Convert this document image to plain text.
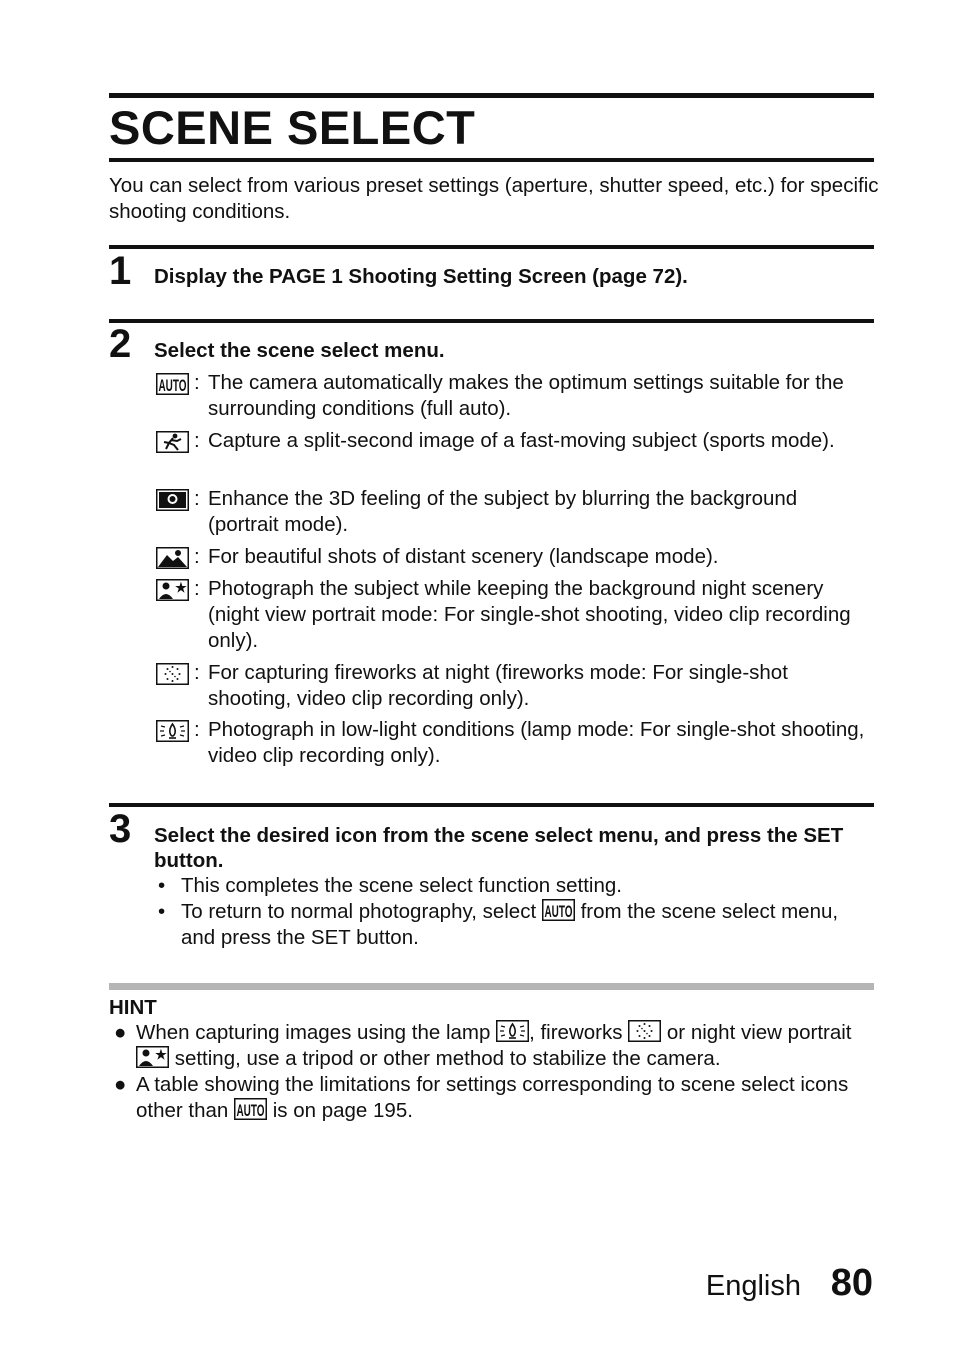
SCENE SELECT

You can select from various preset settings (aperture, shutter speed, etc.) for specific shooting conditions.

1 Display the PAGE 1 Shooting Setting Screen (page 72).
2 Select the scene select menu.
: The camera automatically makes the optimum settings suitable for the surrounding conditions (full auto).
: Capture a split-second image of a fast-moving subject (sports mode).
: Enhance the 3D feeling of the subject by blurring the background (portrait mode).
: For beautiful shots of distant scenery (landscape mode).
: Photograph the subject while keeping the background night scenery (night view portrait mode: For single-shot shooting, video clip recording only).
: For capturing fireworks at night (fireworks mode: For single-shot shooting, video clip recording only).
: Photograph in low-light conditions (lamp mode: For single-shot shooting, video clip recording only).
3 Select the desired icon from the scene select menu, and press the SET button.
• This completes the scene select function setting.
• To return to normal photography, select from the scene select menu, and press the SET button.
HINT
● When capturing images using the lamp , fireworks or night view portrait  setting, use a tripod or other method to stabilize the camera.
● A table showing the limitations for settings corresponding to scene select icons other than is on page 195.
English 80
